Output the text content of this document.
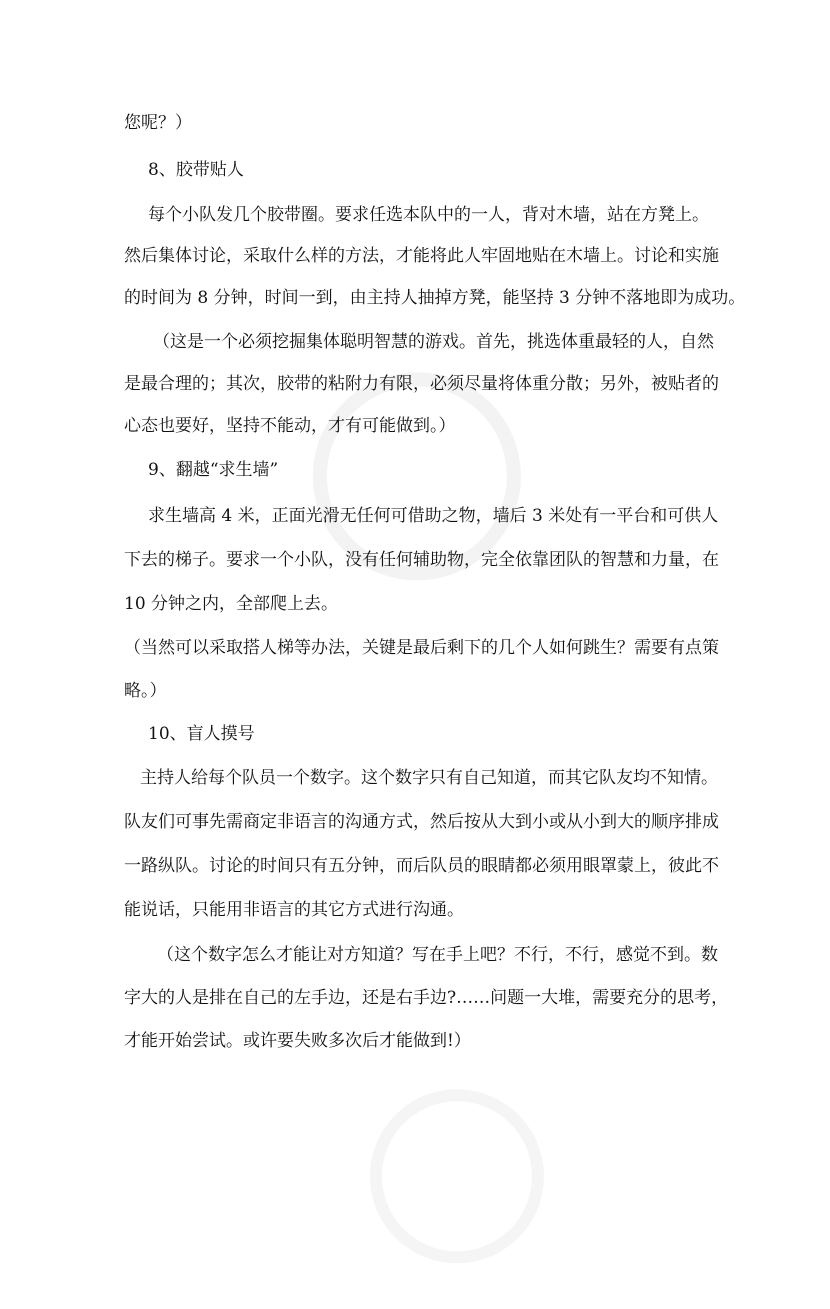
您呢？）
8、胶带贴人
每个小队发几个胶带圈。要求任选本队中的一人，背对木墙，站在方凳上。
然后集体讨论，采取什么样的方法，才能将此人牢固地贴在木墙上。讨论和实施
的时间为 8 分钟，时间一到，由主持人抽掉方凳，能坚持 3 分钟不落地即为成功。
（这是一个必须挖掘集体聪明智慧的游戏。首先，挑选体重最轻的人，自然
是最合理的；其次，胶带的粘附力有限，必须尽量将体重分散；另外，被贴者的
心态也要好，坚持不能动，才有可能做到。）
9、翻越“求生墙”
求生墙高 4 米，正面光滑无任何可借助之物，墙后 3 米处有一平台和可供人
下去的梯子。要求一个小队，没有任何辅助物，完全依靠团队的智慧和力量，在
10 分钟之内，全部爬上去。
（当然可以采取搭人梯等办法，关键是最后剩下的几个人如何跳生？需要有点策
略。）
10、盲人摸号
主持人给每个队员一个数字。这个数字只有自己知道，而其它队友均不知情。
队友们可事先需商定非语言的沟通方式，然后按从大到小或从小到大的顺序排成
一路纵队。讨论的时间只有五分钟，而后队员的眼睛都必须用眼罩蒙上，彼此不
能说话，只能用非语言的其它方式进行沟通。
（这个数字怎么才能让对方知道？写在手上吧？不行，不行，感觉不到。数
字大的人是排在自己的左手边，还是右手边?……问题一大堆，需要充分的思考，
才能开始尝试。或许要失败多次后才能做到!）
